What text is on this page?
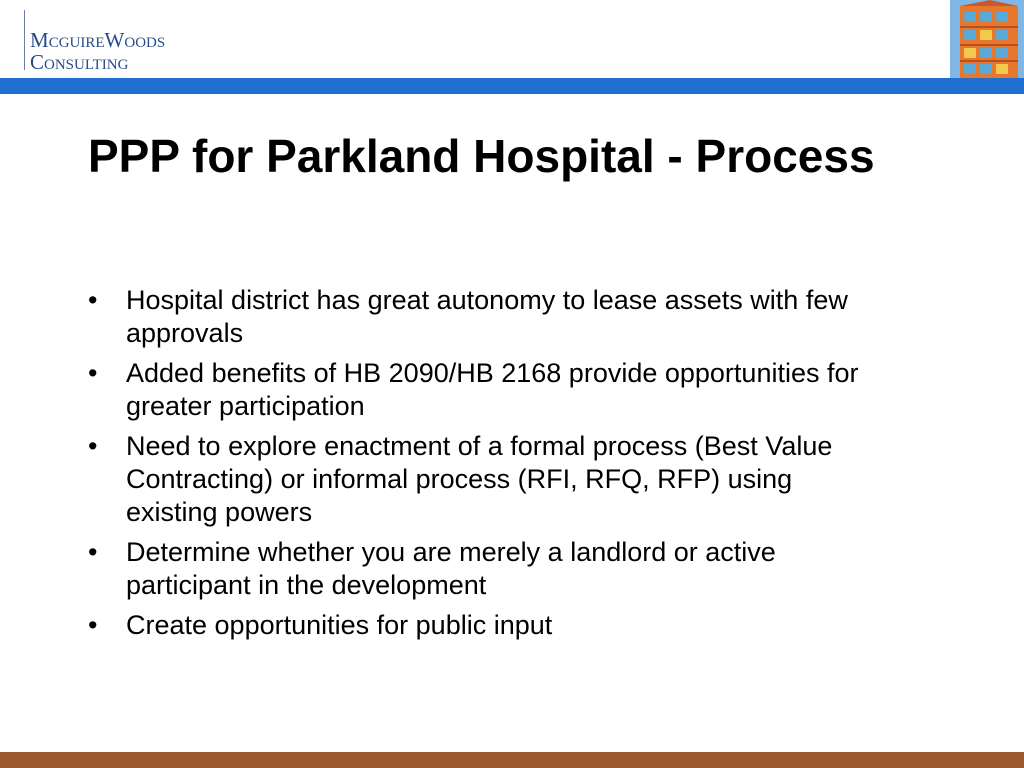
MCGUIREWOODS
CONSULTING
PPP for Parkland Hospital - Process
•	Hospital district has great autonomy to lease assets with few approvals
•	Added benefits of HB 2090/HB 2168 provide opportunities for greater participation
•	Need to explore enactment of a formal process (Best Value Contracting) or informal process (RFI, RFQ, RFP) using existing powers
•	Determine whether you are merely a landlord or active participant in the development
•	Create opportunities for public input
